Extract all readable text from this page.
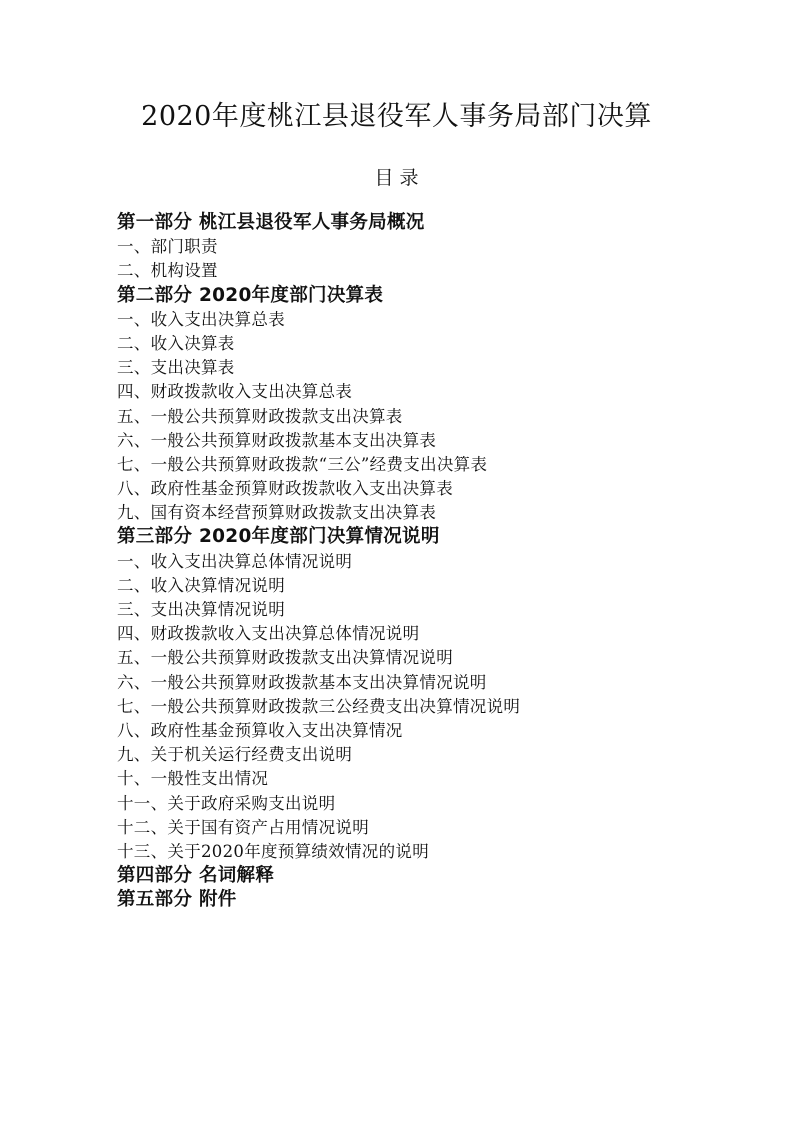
2020年度桃江县退役军人事务局部门决算
目 录
第一部分 桃江县退役军人事务局概况
一、部门职责
二、机构设置
第二部分 2020年度部门决算表
一、收入支出决算总表
二、收入决算表
三、支出决算表
四、财政拨款收入支出决算总表
五、一般公共预算财政拨款支出决算表
六、一般公共预算财政拨款基本支出决算表
七、一般公共预算财政拨款“三公”经费支出决算表
八、政府性基金预算财政拨款收入支出决算表
九、国有资本经营预算财政拨款支出决算表
第三部分 2020年度部门决算情况说明
一、收入支出决算总体情况说明
二、收入决算情况说明
三、支出决算情况说明
四、财政拨款收入支出决算总体情况说明
五、一般公共预算财政拨款支出决算情况说明
六、一般公共预算财政拨款基本支出决算情况说明
七、一般公共预算财政拨款三公经费支出决算情况说明
八、政府性基金预算收入支出决算情况
九、关于机关运行经费支出说明
十、一般性支出情况
十一、关于政府采购支出说明
十二、关于国有资产占用情况说明
十三、关于2020年度预算绩效情况的说明
第四部分 名词解释
第五部分 附件
